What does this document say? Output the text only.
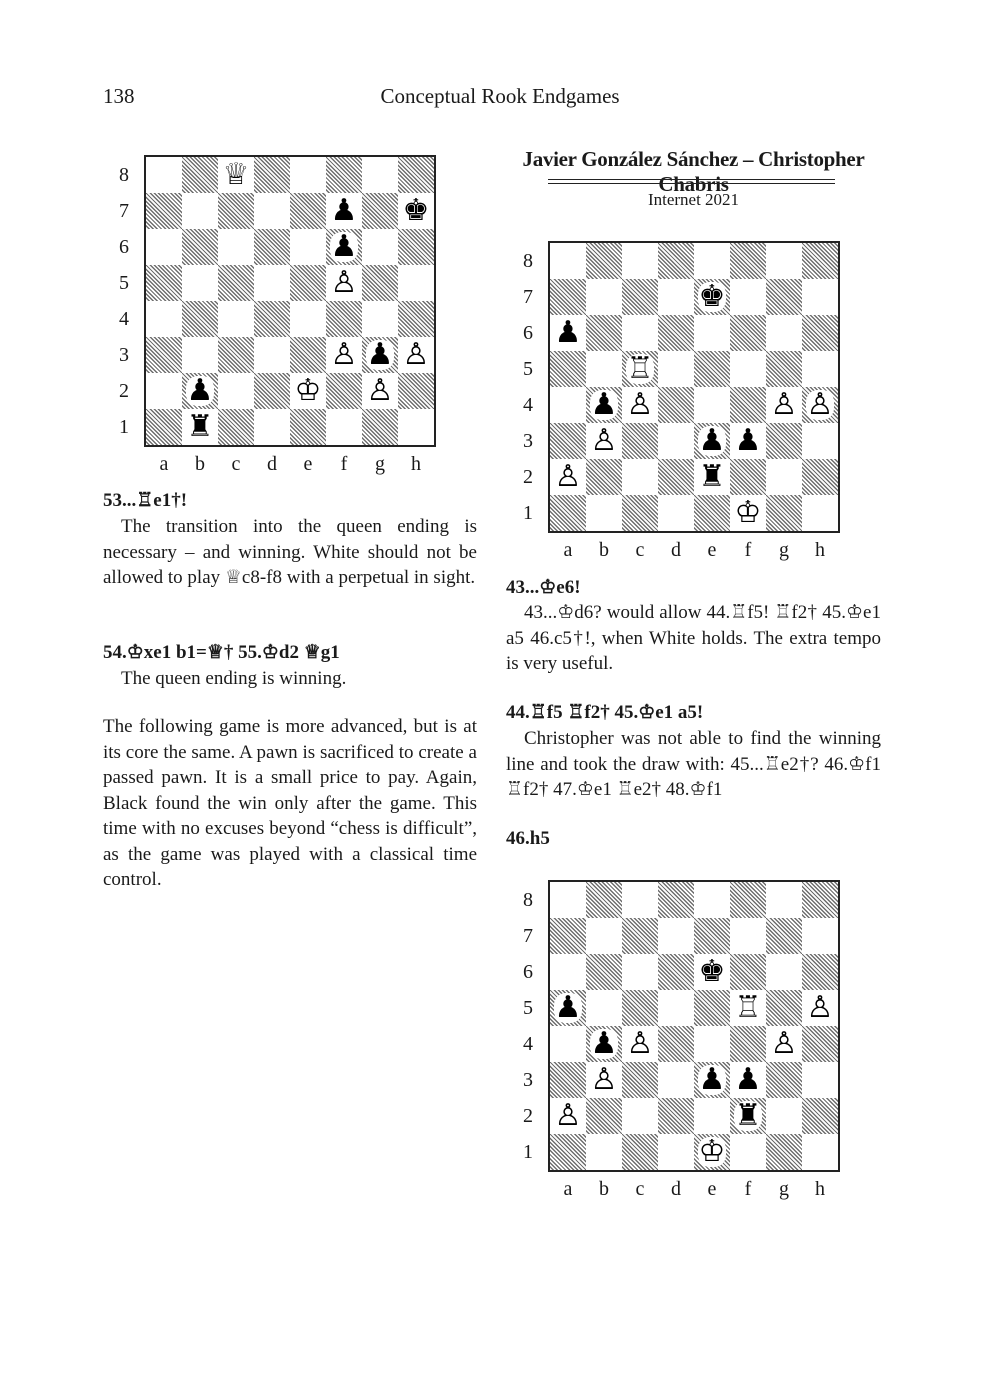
138	Conceptual Rook Endgames
♕
♟ ♚
♟
♙
♙ ♟ ♙
♟	♔ ♙
♜
♚
♟
♖
♟ ♙	♙ ♙
♙	♟ ♟
♙	♜
♔
♚
♟	♖ ♙
♟ ♙	♙
♙	♟ ♟
♙	♜
♔
53...♖e1†!
The transition into the queen ending is necessary – and winning. White should not be allowed to play ♕c8-f8 with a perpetual in sight.
54.♔xe1 b1=♕† 55.♔d2 ♕g1
The queen ending is winning.
The following game is more advanced, but is at its core the same. A pawn is sacrificed to create a passed pawn. It is a small price to pay. Again, Black found the win only after the game. This time with no excuses beyond “chess is difficult”, as the game was played with a classical time control.
Javier González Sánchez – Christopher Chabris
Internet 2021
43...♔e6!
43...♔d6? would allow 44.♖f5! ♖f2† 45.♔e1 a5 46.c5†!, when White holds. The extra tempo is very useful.
44.♖f5 ♖f2† 45.♔e1 a5!
Christopher was not able to find the winning line and took the draw with: 45...♖e2†? 46.♔f1 ♖f2† 47.♔e1 ♖e2† 48.♔f1
46.h5
8
7
6
5
4
3
2
1
a	b	c	d	e	f	g	h
8
7
6
5
4
3
2
1
a	b	c	d	e	f	g	h
8
7
6
5
4
3
2
1
a	b	c	d	e	f	g	h
